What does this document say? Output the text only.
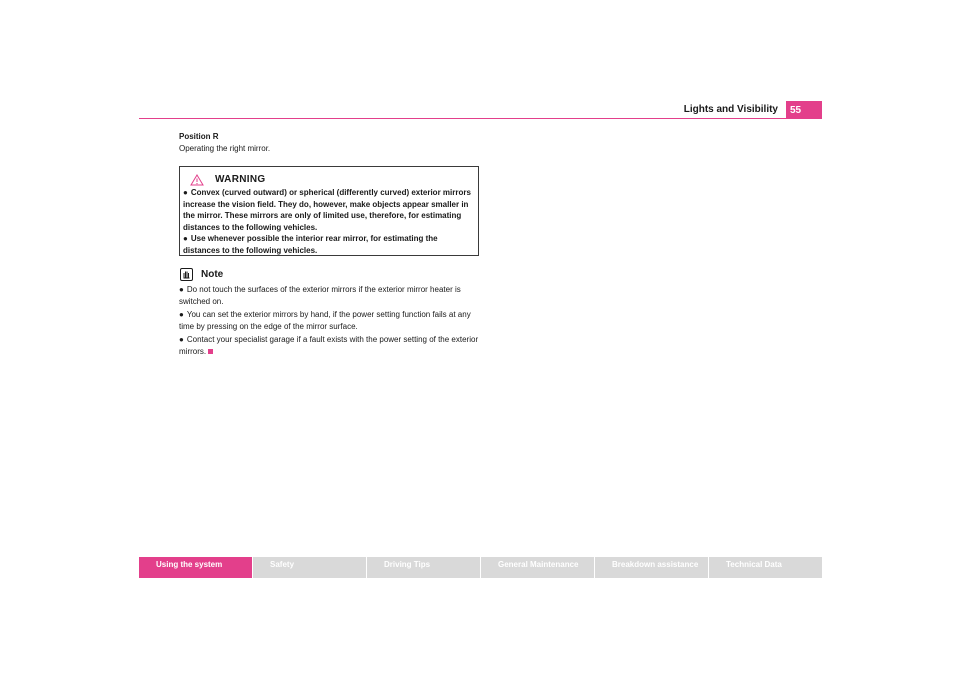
Lights and Visibility	55
Position R

Operating the right mirror.

WARNING

● Convex (curved outward) or spherical (differently curved) exterior mirrors increase the vision field. They do, however, make objects appear smaller in the mirror. These mirrors are only of limited use, therefore, for estimating distances to the following vehicles.

● Use whenever possible the interior rear mirror, for estimating the distances to the following vehicles.

Note

● Do not touch the surfaces of the exterior mirrors if the exterior mirror heater is switched on.

● You can set the exterior mirrors by hand, if the power setting function fails at any time by pressing on the edge of the mirror surface.

● Contact your specialist garage if a fault exists with the power setting of the exterior mirrors.

Using the system	Safety	Driving Tips	General Maintenance	Breakdown assistance	Technical Data
